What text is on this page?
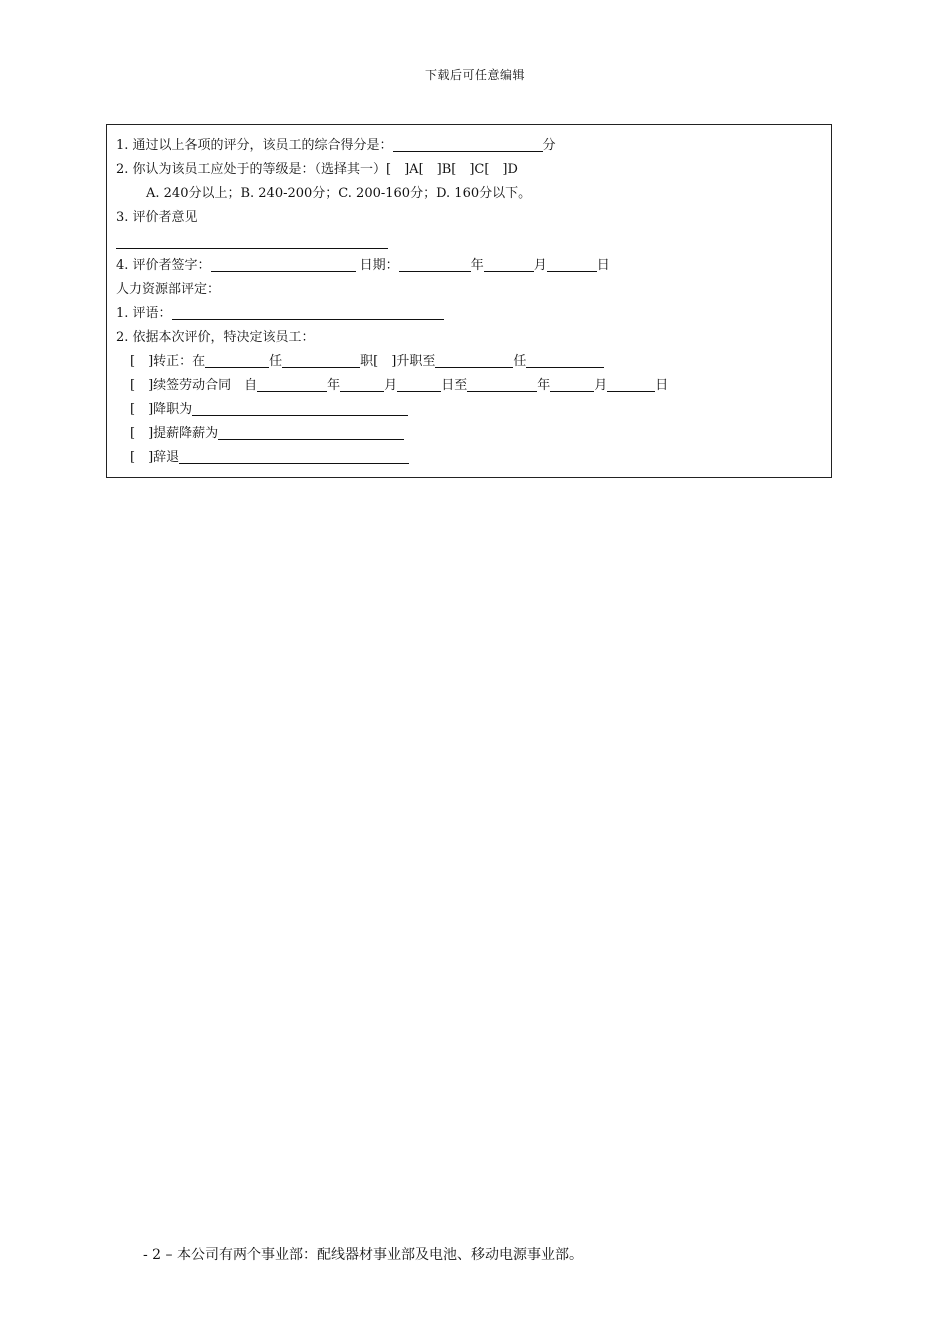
下载后可任意编辑
1. 通过以上各项的评分，该员工的综合得分是：	分
2. 你认为该员工应处于的等级是：（选择其一）[　]A[　]B[　]C[　]D
A. 240分以上；B. 240-200分；C. 200-160分；D. 160分以下。
3. 评价者意见
4. 评价者签字：	日期：	年	月	日
人力资源部评定：
1. 评语：
2. 依据本次评价，特决定该员工：
[　]转正：在	任	职[　]升职至	任
[　]续签劳动合同　自	年	月	日至	年	月	日
[　]降职为
[　]提薪降薪为
[　]辞退
- 2 – 本公司有两个事业部：配线器材事业部及电池、移动电源事业部。
